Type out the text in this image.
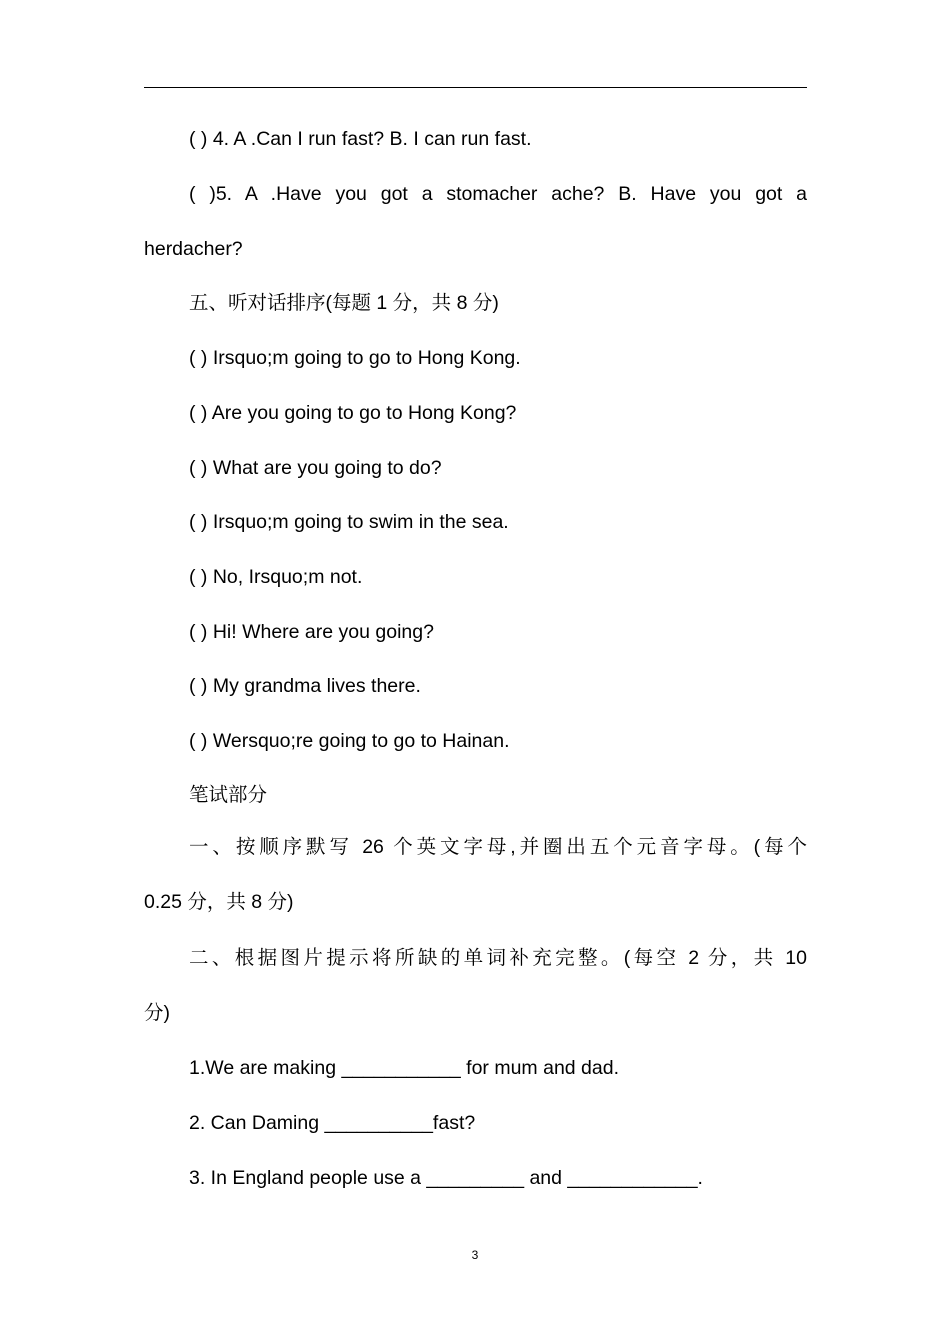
( ) 4. A .Can I run fast? B. I can run fast.
( )5. A .Have you got a stomacher ache? B. Have you got a
herdacher?
五、听对话排序(每题 1 分，共 8 分)
( ) Irsquo;m going to go to Hong Kong.
( ) Are you going to go to Hong Kong?
( ) What are you going to do?
( ) Irsquo;m going to swim in the sea.
( ) No, Irsquo;m not.
( ) Hi! Where are you going?
( ) My grandma lives there.
( ) Wersquo;re going to go to Hainan.
笔试部分
一、按顺序默写 26 个英文字母,并圈出五个元音字母。(每个
0.25 分，共 8 分)
二、根据图片提示将所缺的单词补充完整。(每空 2 分，共 10
分)
1.We are making ___________ for mum and dad.
2. Can Daming __________fast?
3. In England people use a _________ and ____________.
3
